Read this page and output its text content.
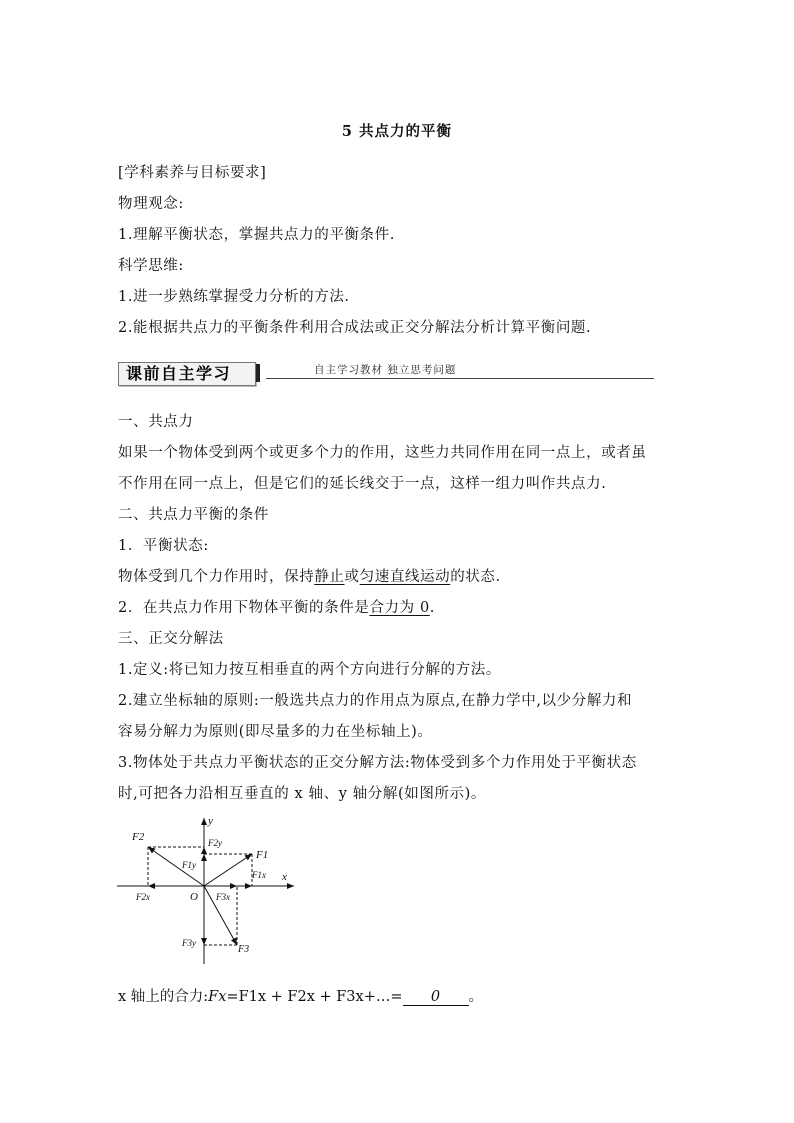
5 共点力的平衡
[学科素养与目标要求]
物理观念:
1.理解平衡状态，掌握共点力的平衡条件.
科学思维:
1.进一步熟练掌握受力分析的方法.
2.能根据共点力的平衡条件利用合成法或正交分解法分析计算平衡问题.
课前自主学习	自主学习教材 独立思考问题
一、共点力
如果一个物体受到两个或更多个力的作用，这些力共同作用在同一点上，或者虽
不作用在同一点上，但是它们的延长线交于一点，这样一组力叫作共点力.
二、共点力平衡的条件
1．平衡状态:
物体受到几个力作用时，保持静止或匀速直线运动的状态.
2．在共点力作用下物体平衡的条件是合力为 0.
三、正交分解法
1.定义:将已知力按互相垂直的两个方向进行分解的方法。
2.建立坐标轴的原则:一般选共点力的作用点为原点,在静力学中,以少分解力和
容易分解力为原则(即尽量多的力在坐标轴上)。
3.物体处于共点力平衡状态的正交分解方法:物体受到多个力作用处于平衡状态
时,可把各力沿相互垂直的 x 轴、y 轴分解(如图所示)。
y
x
O
F2
F1
F3
F2y
F1y
F1x
F2x	F3x
F3y
x 轴上的合力:Fx=F1x + F2x + F3x+…= 0 。
